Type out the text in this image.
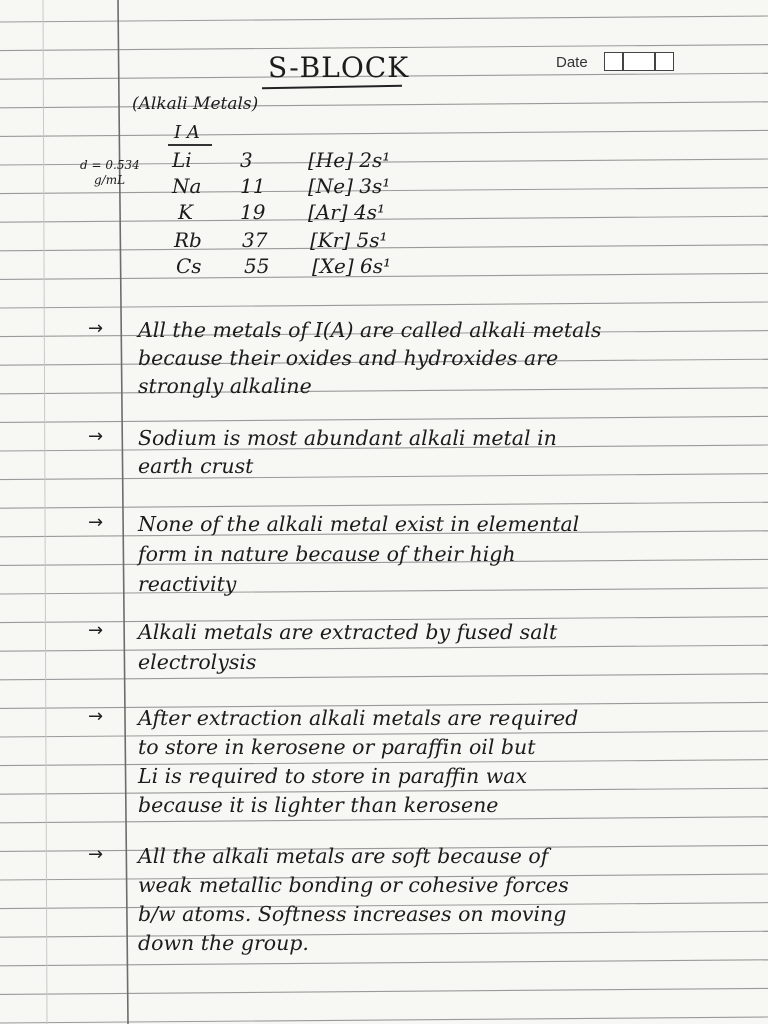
S-BLOCK	Date
(Alkali Metals)
I A
d = 0.534
g/mL
Li 3	[He] 2s¹
Na 11 [Ne] 3s¹
K 19 [Ar] 4s¹
Rb 37 [Kr] 5s¹
Cs 55 [Xe] 6s¹
→ All the metals of I(A) are called alkali metals
because their oxides and hydroxides are
strongly alkaline
→ Sodium is most abundant alkali metal in
earth crust
→ None of the alkali metal exist in elemental
form in nature because of their high
reactivity
→ Alkali metals are extracted by fused salt
electrolysis
→ After extraction alkali metals are required
to store in kerosene or paraffin oil but
Li is required to store in paraffin wax
because it is lighter than kerosene
→ All the alkali metals are soft because of
weak metallic bonding or cohesive forces
b/w atoms. Softness increases on moving
down the group.
